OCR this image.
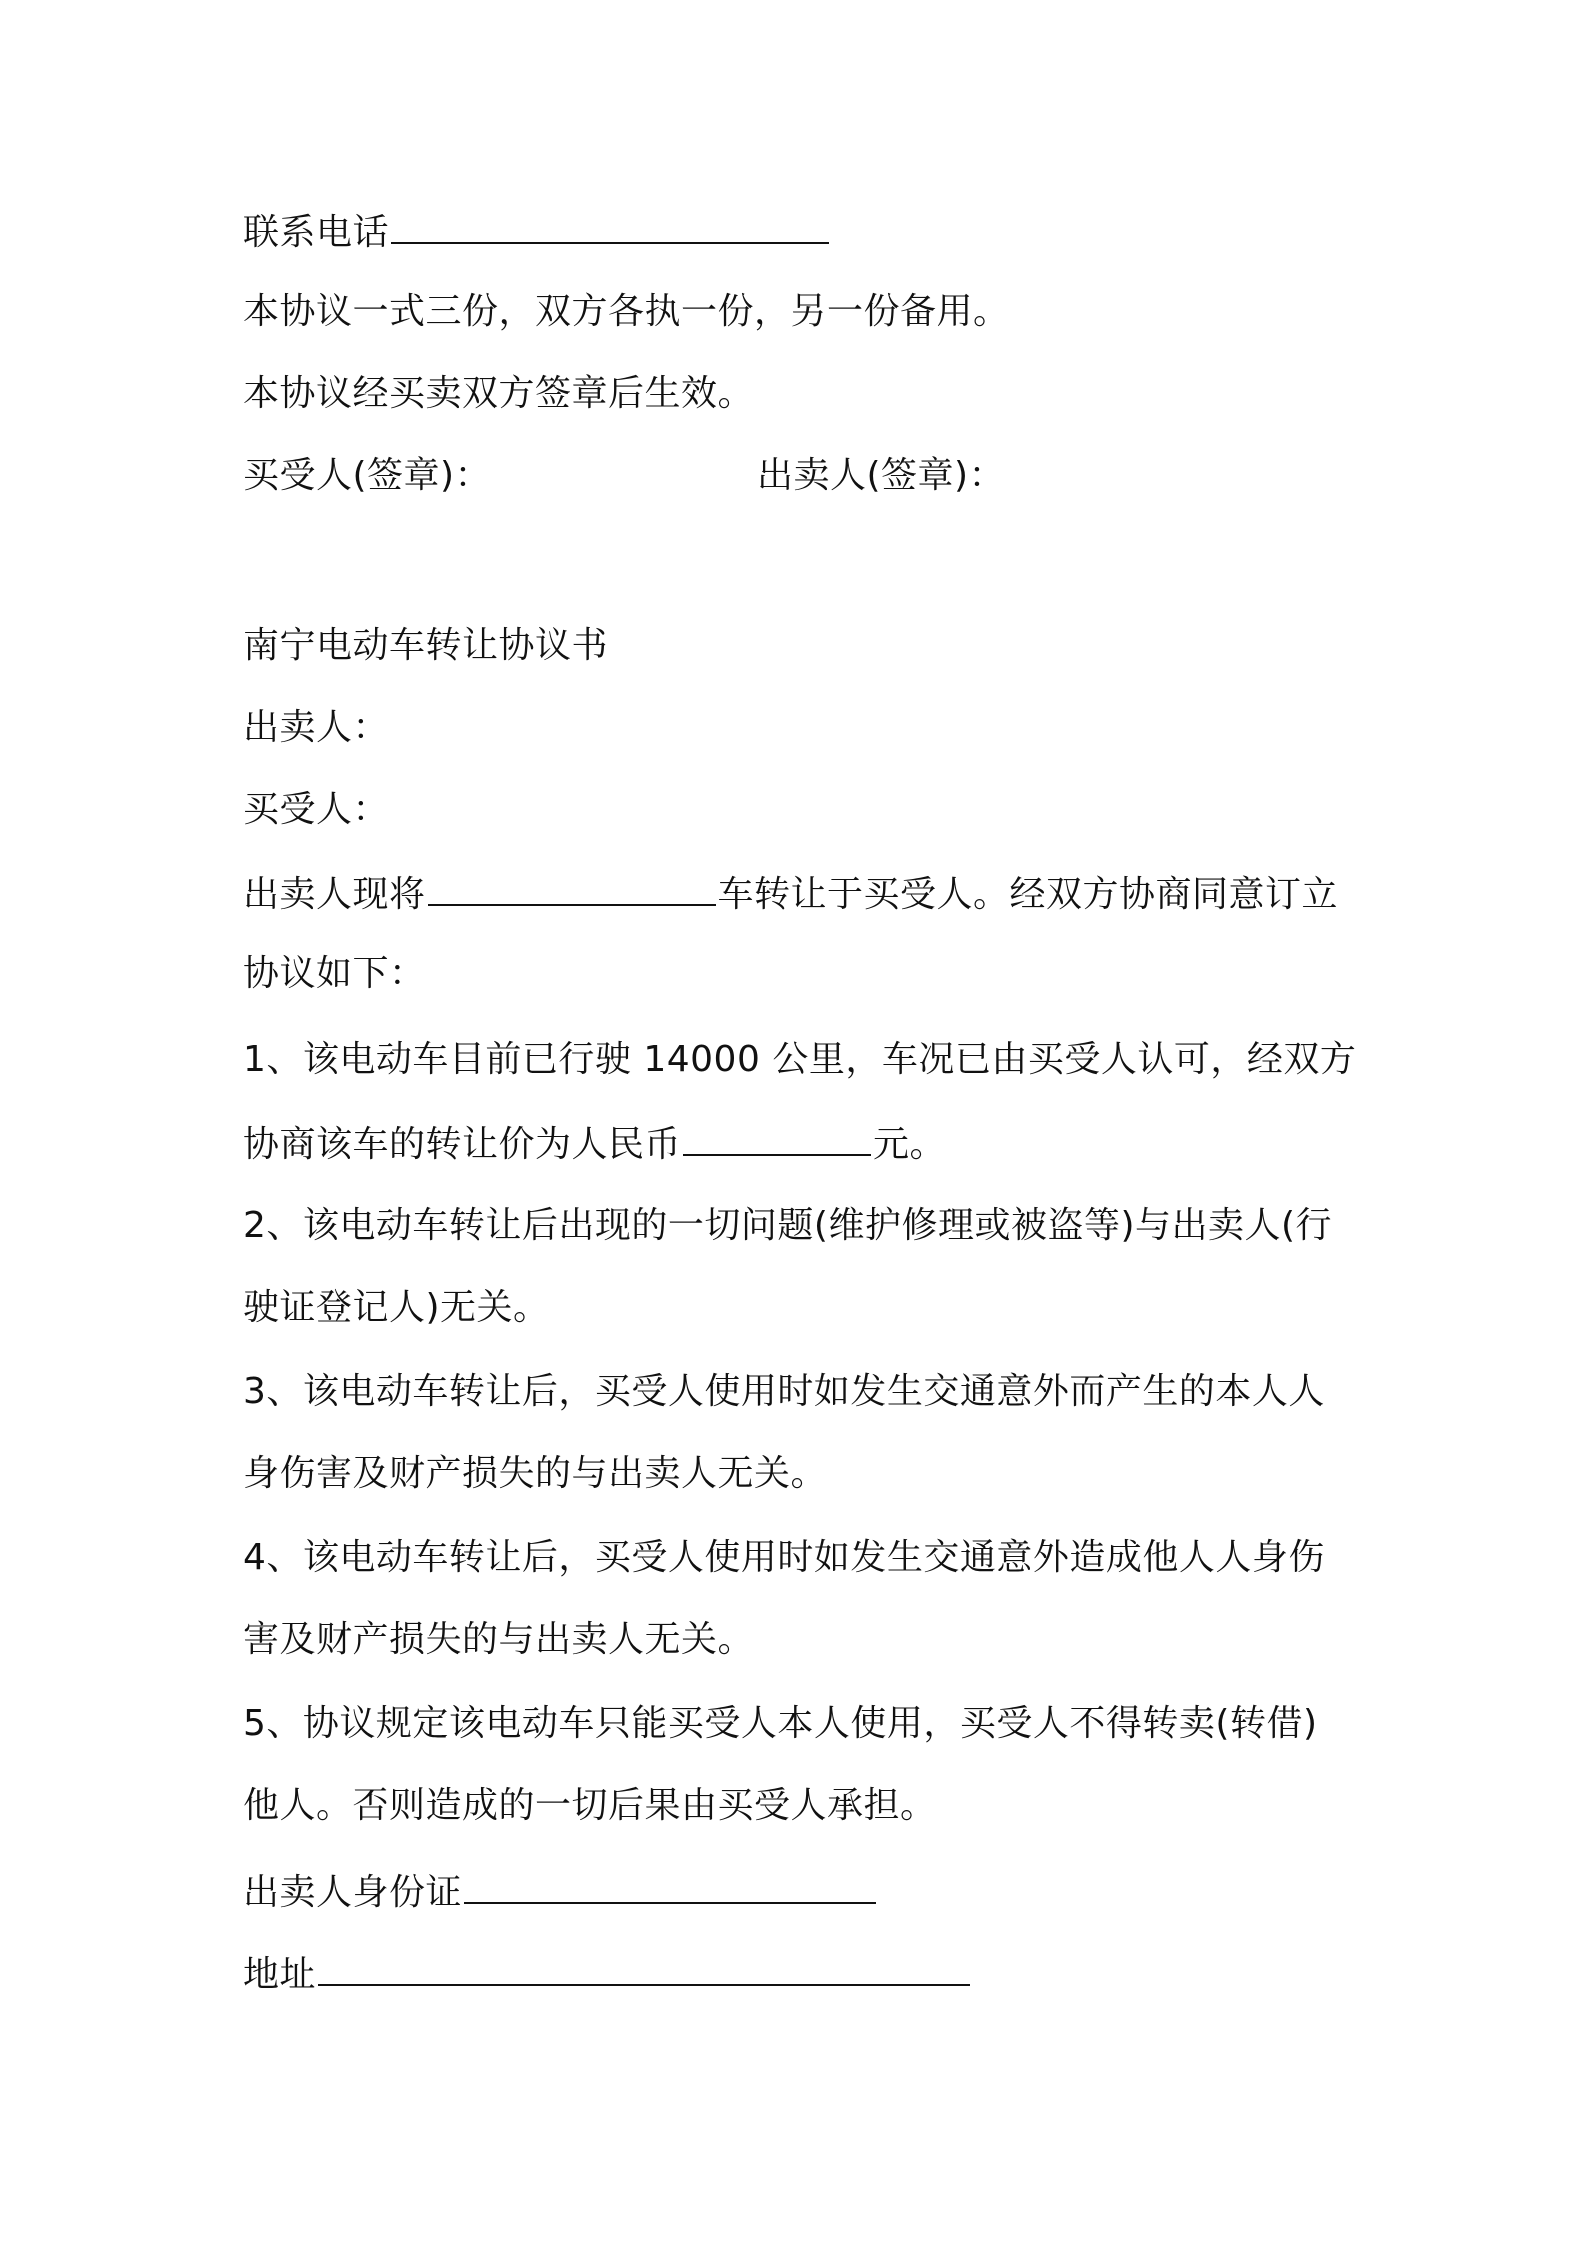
联系电话
本协议一式三份，双方各执一份，另一份备用。
本协议经买卖双方签章后生效。
买受人(签章)：	出卖人(签章)：
南宁电动车转让协议书
出卖人：
买受人：
出卖人现将	车转让于买受人。经双方协商同意订立
协议如下：
1、该电动车目前已行驶 14000 公里，车况已由买受人认可，经双方
协商该车的转让价为人民币	元。
2、该电动车转让后出现的一切问题(维护修理或被盗等)与出卖人(行
驶证登记人)无关。
3、该电动车转让后，买受人使用时如发生交通意外而产生的本人人
身伤害及财产损失的与出卖人无关。
4、该电动车转让后，买受人使用时如发生交通意外造成他人人身伤
害及财产损失的与出卖人无关。
5、协议规定该电动车只能买受人本人使用，买受人不得转卖(转借)
他人。否则造成的一切后果由买受人承担。
出卖人身份证
地址
